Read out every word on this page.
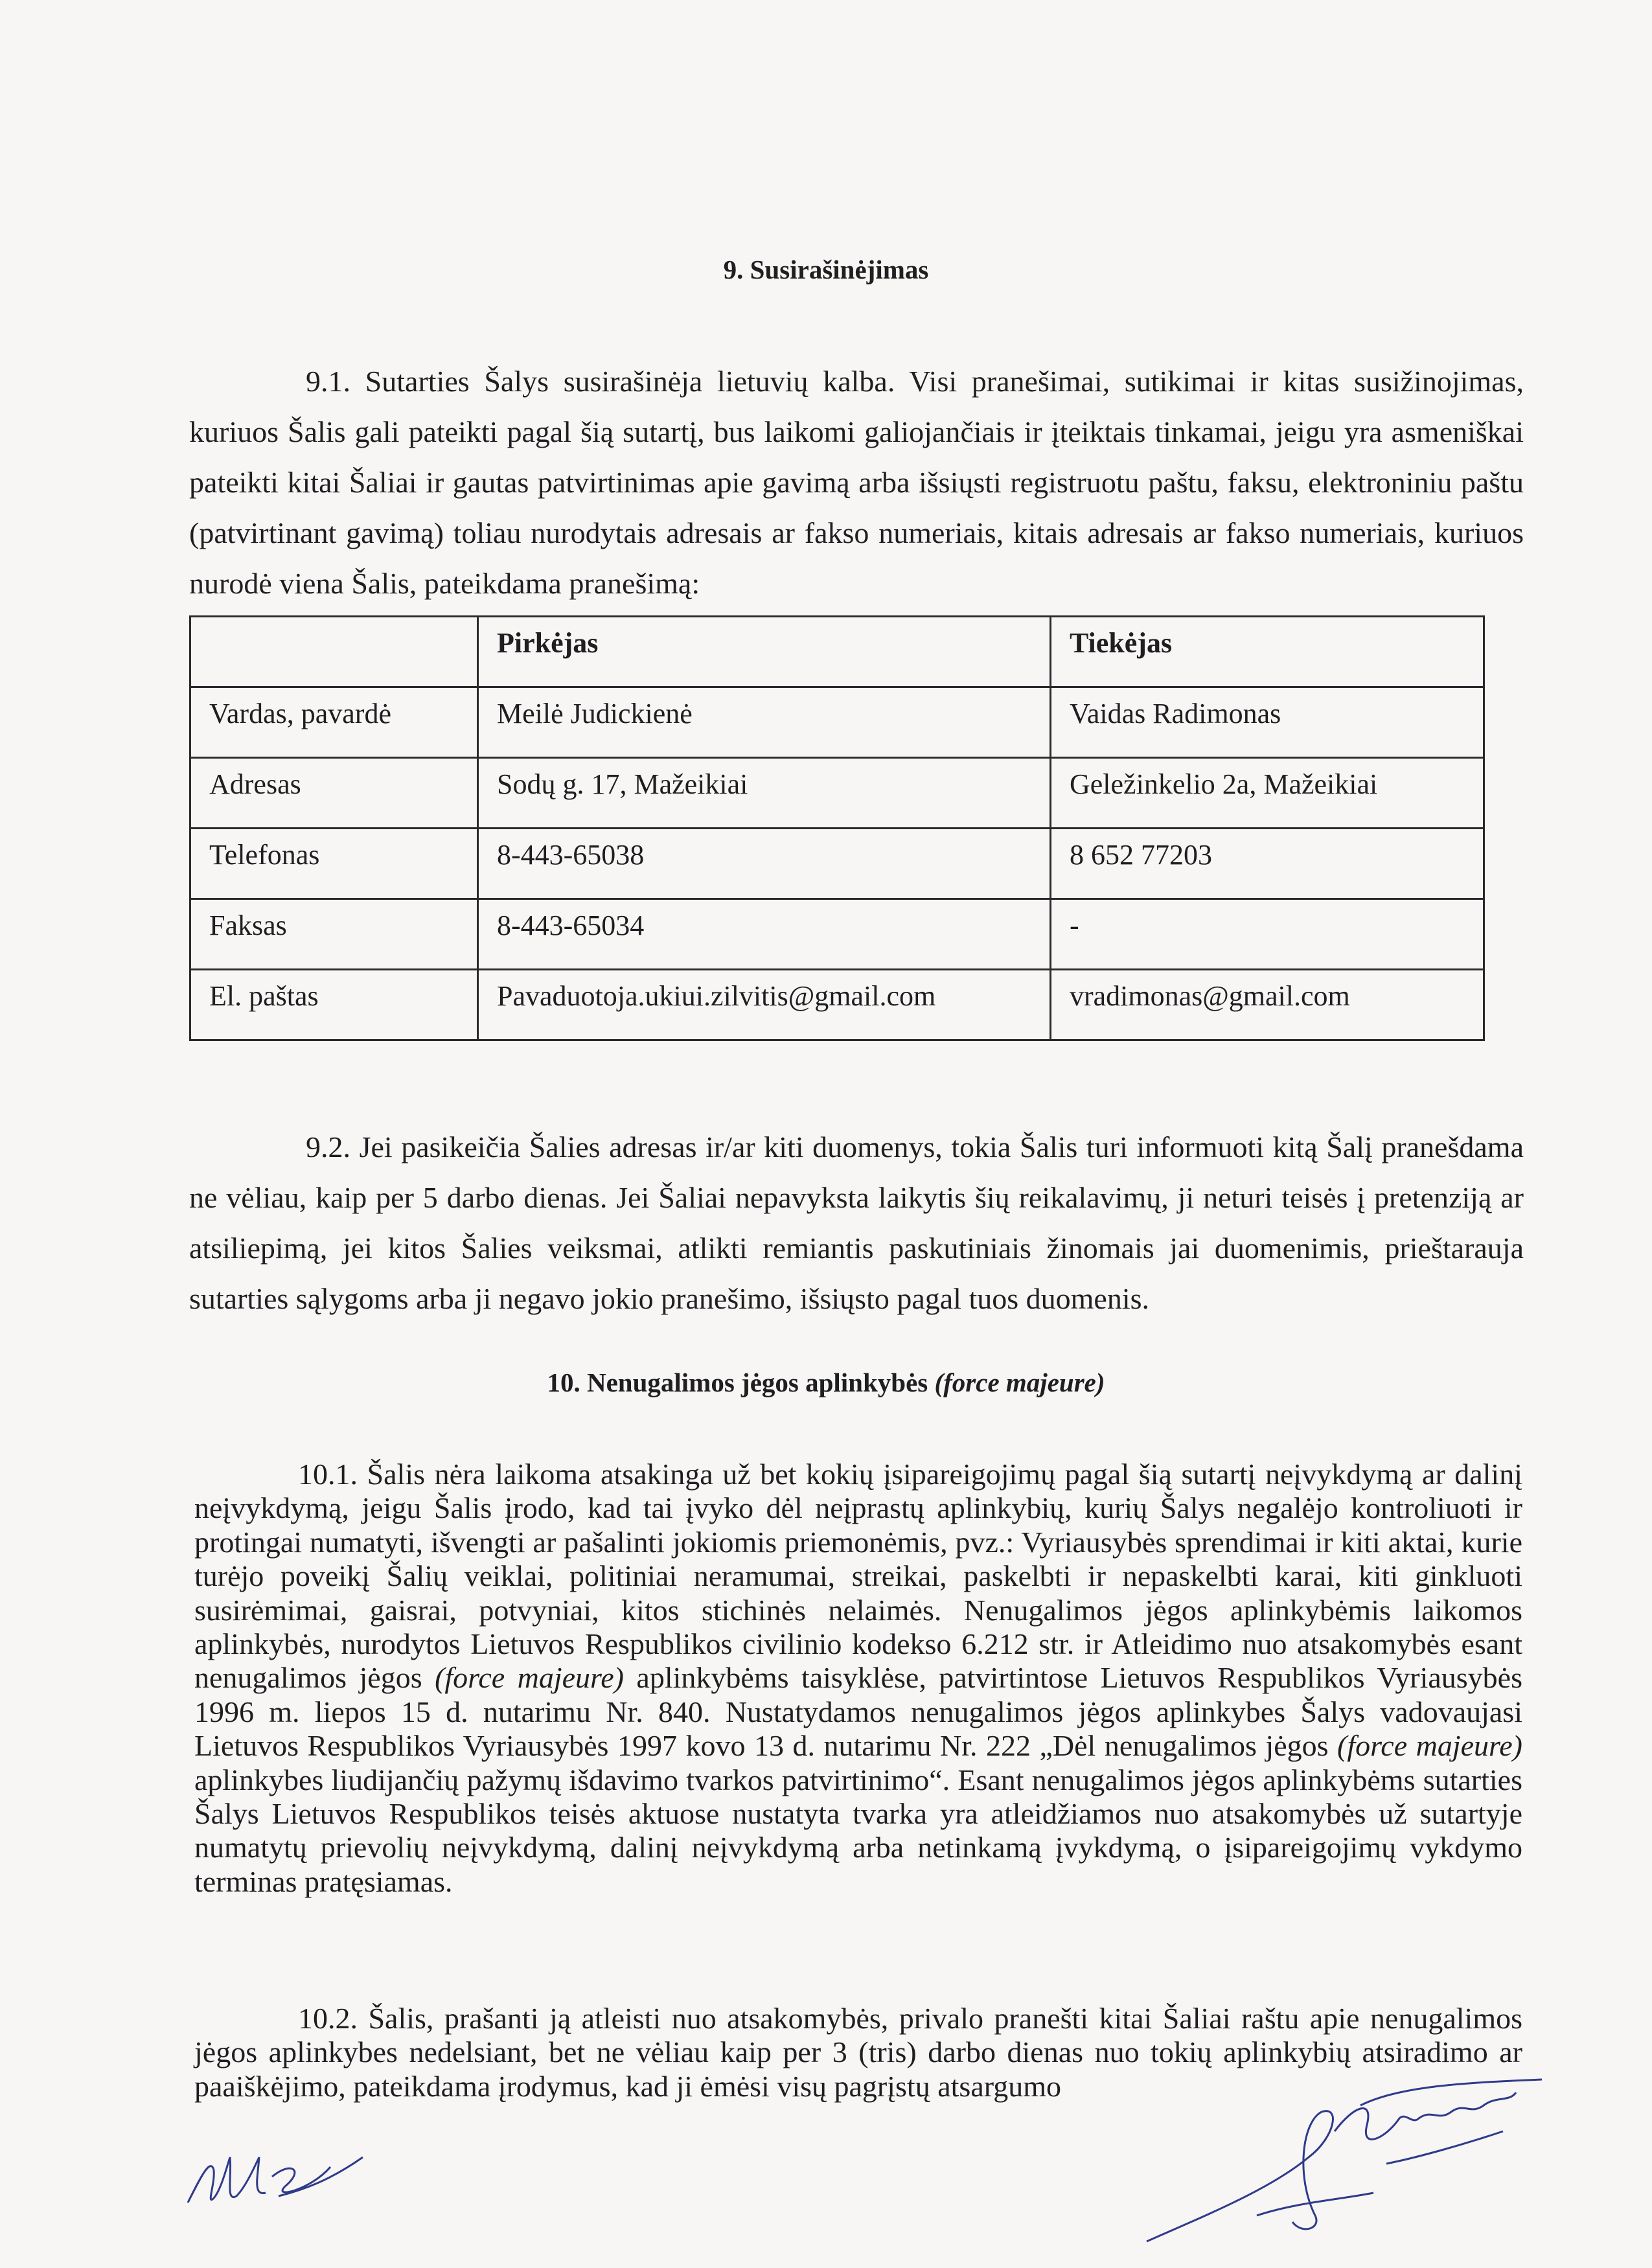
9. Susirašinėjimas

9.1. Sutarties Šalys susirašinėja lietuvių kalba. Visi pranešimai, sutikimai ir kitas susižinojimas, kuriuos Šalis gali pateikti pagal šią sutartį, bus laikomi galiojančiais ir įteiktais tinkamai, jeigu yra asmeniškai pateikti kitai Šaliai ir gautas patvirtinimas apie gavimą arba išsiųsti registruotu paštu, faksu, elektroniniu paštu (patvirtinant gavimą) toliau nurodytais adresais ar fakso numeriais, kitais adresais ar fakso numeriais, kuriuos nurodė viena Šalis, pateikdama pranešimą:

	Pirkėjas	Tiekėjas
Vardas, pavardė	Meilė Judickienė	Vaidas Radimonas
Adresas	Sodų g. 17, Mažeikiai	Geležinkelio 2a, Mažeikiai
Telefonas	8-443-65038	8 652 77203
Faksas	8-443-65034	-
El. paštas	Pavaduotoja.ukiui.zilvitis@gmail.com	vradimonas@gmail.com

9.2. Jei pasikeičia Šalies adresas ir/ar kiti duomenys, tokia Šalis turi informuoti kitą Šalį pranešdama ne vėliau, kaip per 5 darbo dienas. Jei Šaliai nepavyksta laikytis šių reikalavimų, ji neturi teisės į pretenziją ar atsiliepimą, jei kitos Šalies veiksmai, atlikti remiantis paskutiniais žinomais jai duomenimis, prieštarauja sutarties sąlygoms arba ji negavo jokio pranešimo, išsiųsto pagal tuos duomenis.

10. Nenugalimos jėgos aplinkybės (force majeure)

10.1. Šalis nėra laikoma atsakinga už bet kokių įsipareigojimų pagal šią sutartį neįvykdymą ar dalinį neįvykdymą, jeigu Šalis įrodo, kad tai įvyko dėl neįprastų aplinkybių, kurių Šalys negalėjo kontroliuoti ir protingai numatyti, išvengti ar pašalinti jokiomis priemonėmis, pvz.: Vyriausybės sprendimai ir kiti aktai, kurie turėjo poveikį Šalių veiklai, politiniai neramumai, streikai, paskelbti ir nepaskelbti karai, kiti ginkluoti susirėmimai, gaisrai, potvyniai, kitos stichinės nelaimės. Nenugalimos jėgos aplinkybėmis laikomos aplinkybės, nurodytos Lietuvos Respublikos civilinio kodekso 6.212 str. ir Atleidimo nuo atsakomybės esant nenugalimos jėgos (force majeure) aplinkybėms taisyklėse, patvirtintose Lietuvos Respublikos Vyriausybės 1996 m. liepos 15 d. nutarimu Nr. 840. Nustatydamos nenugalimos jėgos aplinkybes Šalys vadovaujasi Lietuvos Respublikos Vyriausybės 1997 kovo 13 d. nutarimu Nr. 222 „Dėl nenugalimos jėgos (force majeure) aplinkybes liudijančių pažymų išdavimo tvarkos patvirtinimo“. Esant nenugalimos jėgos aplinkybėms sutarties Šalys Lietuvos Respublikos teisės aktuose nustatyta tvarka yra atleidžiamos nuo atsakomybės už sutartyje numatytų prievolių neįvykdymą, dalinį neįvykdymą arba netinkamą įvykdymą, o įsipareigojimų vykdymo terminas pratęsiamas.

10.2. Šalis, prašanti ją atleisti nuo atsakomybės, privalo pranešti kitai Šaliai raštu apie nenugalimos jėgos aplinkybes nedelsiant, bet ne vėliau kaip per 3 (tris) darbo dienas nuo tokių aplinkybių atsiradimo ar paaiškėjimo, pateikdama įrodymus, kad ji ėmėsi visų pagrįstų atsargumo
